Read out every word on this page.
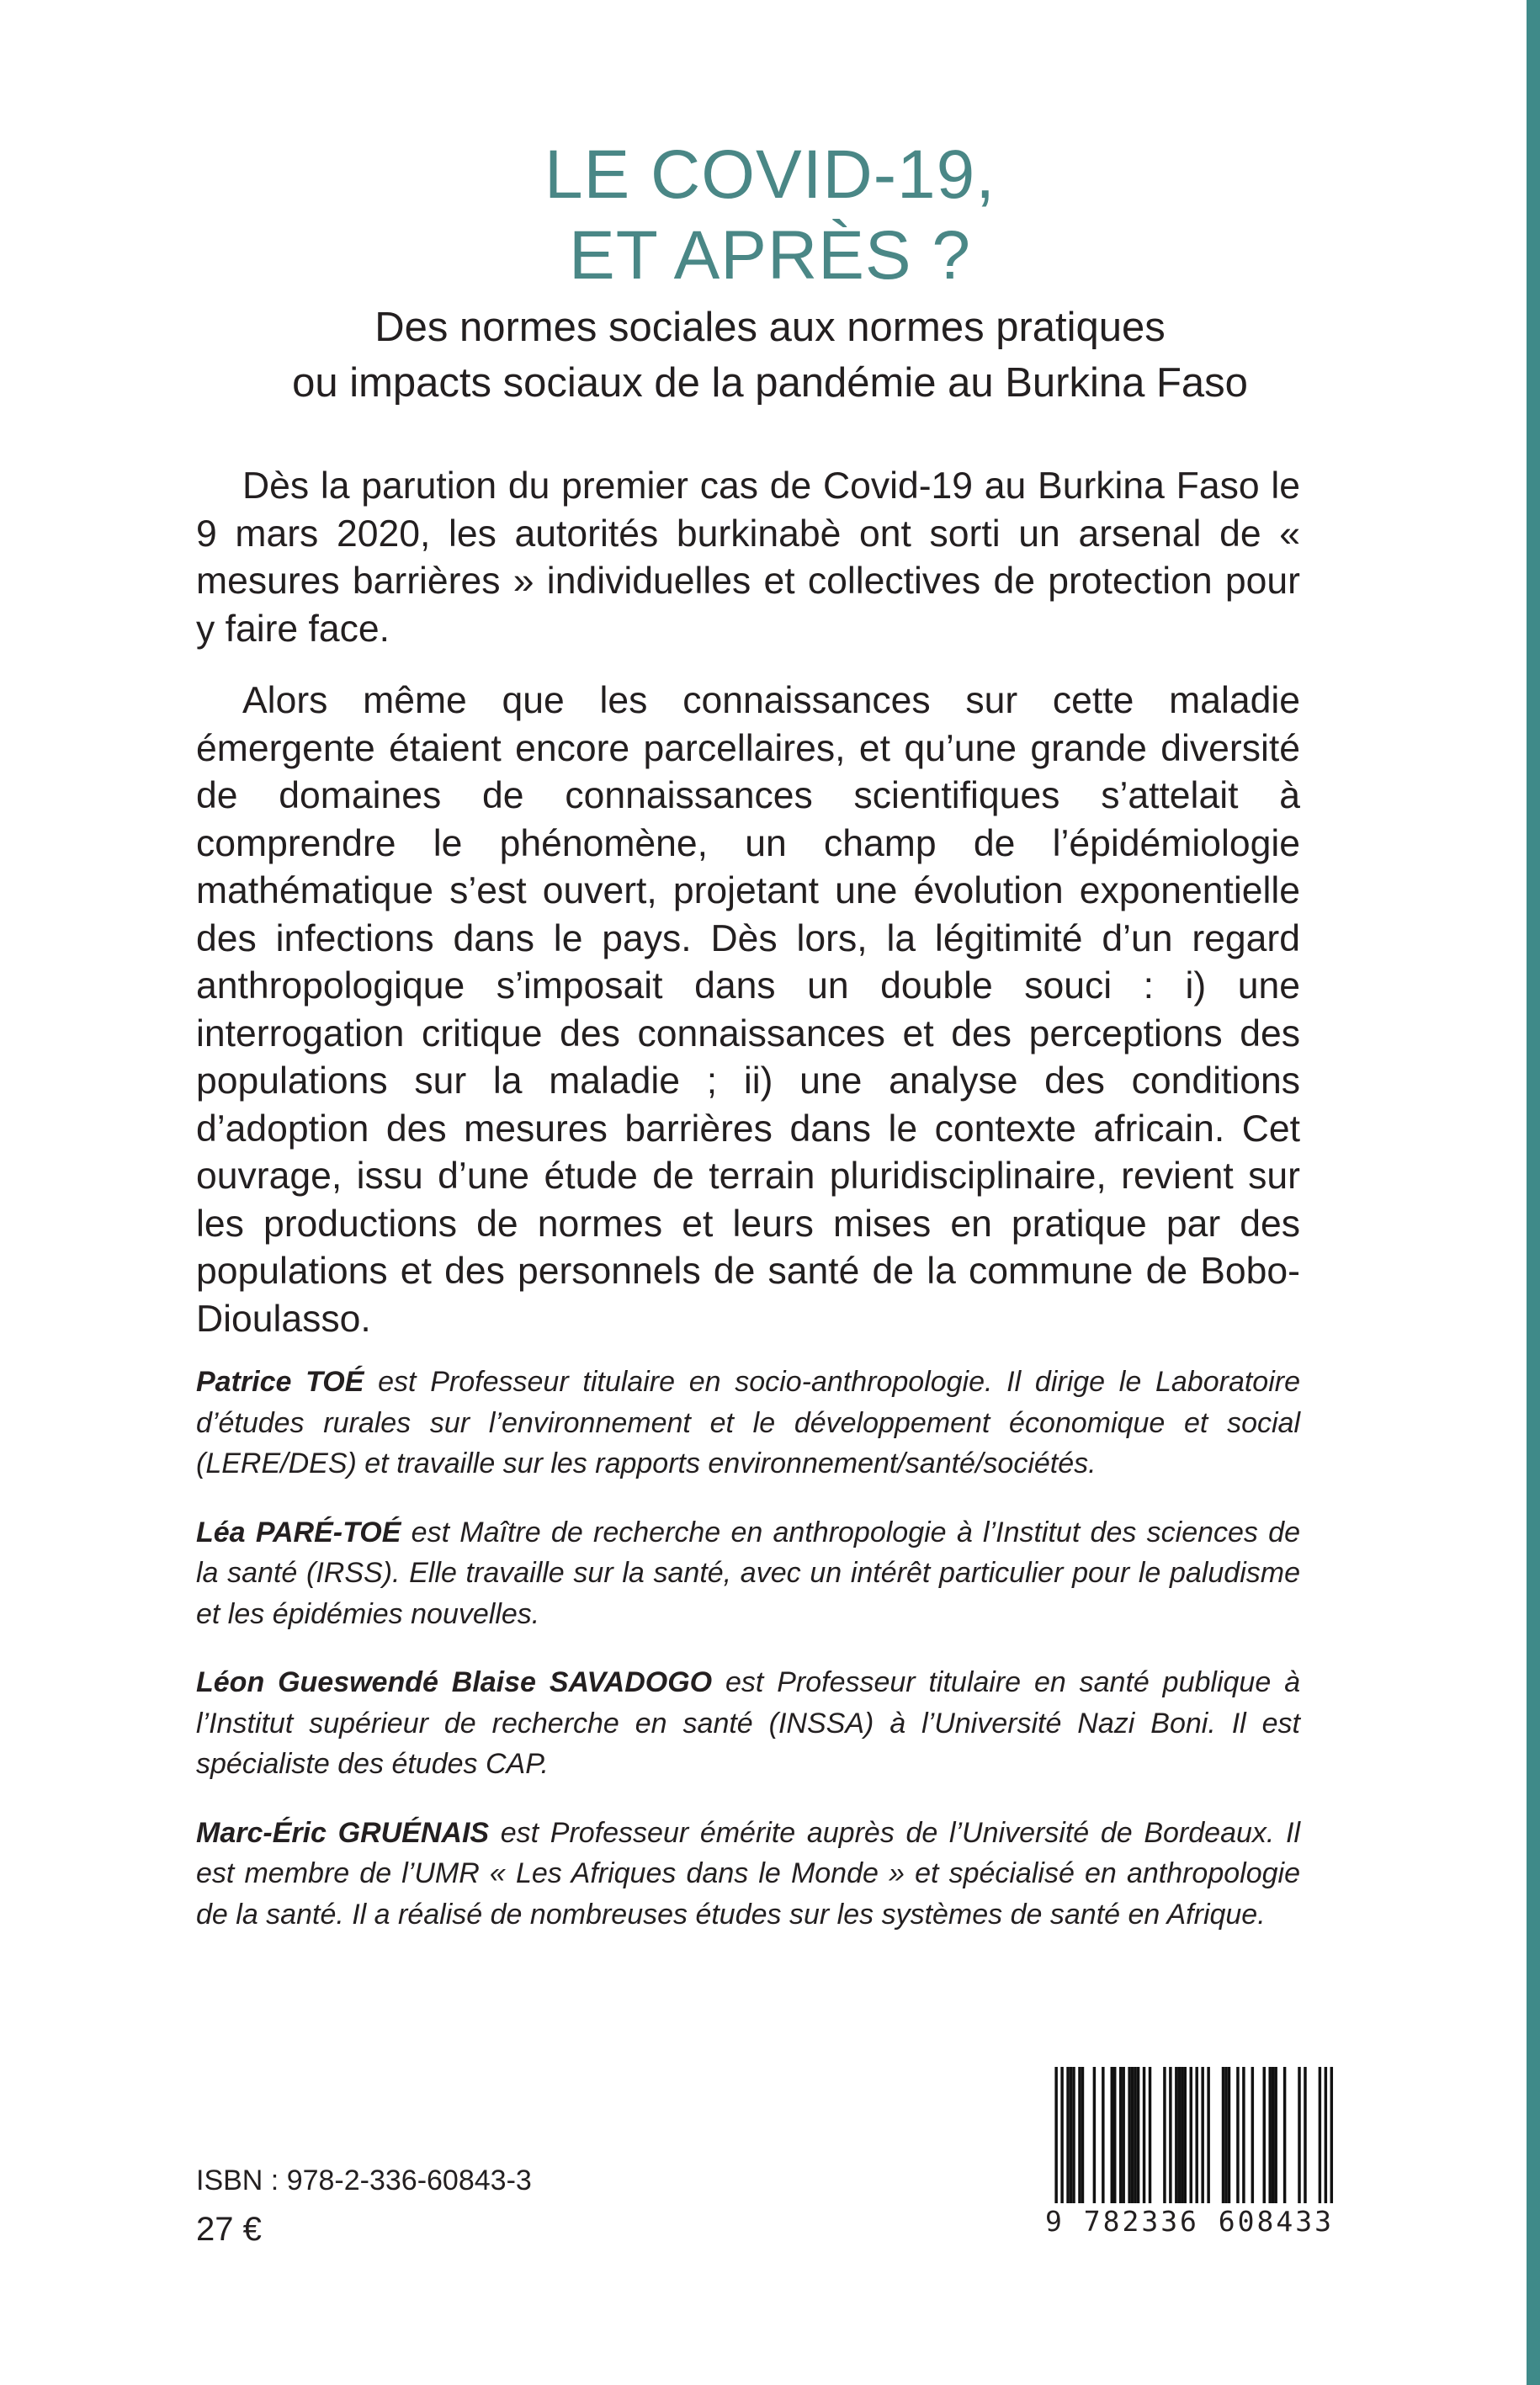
LE COVID-19,
ET APRÈS ?
Des normes sociales aux normes pratiques
ou impacts sociaux de la pandémie au Burkina Faso

Dès la parution du premier cas de Covid-19 au Burkina Faso le 9 mars 2020, les autorités burkinabè ont sorti un arsenal de « mesures barrières » individuelles et collectives de protection pour y faire face.

Alors même que les connaissances sur cette maladie émergente étaient encore parcellaires, et qu’une grande diversité de domaines de connaissances scientifiques s’attelait à comprendre le phénomène, un champ de l’épidémiologie mathématique s’est ouvert, projetant une évolution exponentielle des infections dans le pays. Dès lors, la légitimité d’un regard anthropologique s’imposait dans un double souci : i) une interrogation critique des connaissances et des perceptions des populations sur la maladie ; ii) une analyse des conditions d’adoption des mesures barrières dans le contexte africain. Cet ouvrage, issu d’une étude de terrain pluridisciplinaire, revient sur les productions de normes et leurs mises en pratique par des populations et des personnels de santé de la commune de Bobo-Dioulasso.

Patrice TOÉ est Professeur titulaire en socio-anthropologie. Il dirige le Laboratoire d’études rurales sur l’environnement et le développement économique et social (LERE/DES) et travaille sur les rapports environnement/santé/sociétés.

Léa PARÉ-TOÉ est Maître de recherche en anthropologie à l’Institut des sciences de la santé (IRSS). Elle travaille sur la santé, avec un intérêt particulier pour le paludisme et les épidémies nouvelles.

Léon Gueswendé Blaise SAVADOGO est Professeur titulaire en santé publique à l’Institut supérieur de recherche en santé (INSSA) à l’Université Nazi Boni. Il est spécialiste des études CAP.

Marc-Éric GRUÉNAIS est Professeur émérite auprès de l’Université de Bordeaux. Il est membre de l’UMR « Les Afriques dans le Monde » et spécialisé en anthropologie de la santé. Il a réalisé de nombreuses études sur les systèmes de santé en Afrique.

ISBN : 978-2-336-60843-3
27 €	9 782336 608433
